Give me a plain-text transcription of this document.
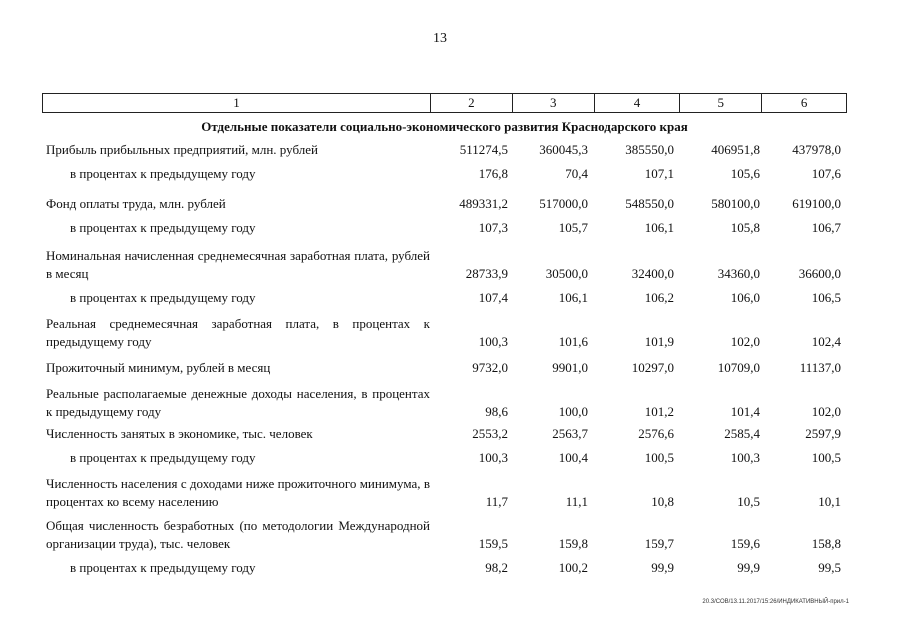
13
1	2	3	4	5	6
Отдельные показатели социально-экономического развития Краснодарского края
Прибыль прибыльных предприятий, млн. рублей	511274,5	360045,3	385550,0	406951,8	437978,0
в процентах к предыдущему году	176,8	70,4	107,1	105,6	107,6
Фонд оплаты труда, млн. рублей	489331,2	517000,0	548550,0	580100,0	619100,0
в процентах к предыдущему году	107,3	105,7	106,1	105,8	106,7
Номинальная начисленная среднемесячная заработная плата, рублей в месяц	28733,9	30500,0	32400,0	34360,0	36600,0
в процентах к предыдущему году	107,4	106,1	106,2	106,0	106,5
Реальная среднемесячная заработная плата, в процентах к предыдущему году	100,3	101,6	101,9	102,0	102,4
Прожиточный минимум, рублей в месяц	9732,0	9901,0	10297,0	10709,0	11137,0
Реальные располагаемые денежные доходы населения, в процентах к предыдущему году	98,6	100,0	101,2	101,4	102,0
Численность занятых в экономике, тыс. человек	2553,2	2563,7	2576,6	2585,4	2597,9
в процентах к предыдущему году	100,3	100,4	100,5	100,3	100,5
Численность населения с доходами ниже прожиточного минимума, в процентах ко всему населению	11,7	11,1	10,8	10,5	10,1
Общая численность безработных (по методологии Международной организации труда), тыс. человек	159,5	159,8	159,7	159,6	158,8
в процентах к предыдущему году	98,2	100,2	99,9	99,9	99,5
20.3/СОВ/13.11.2017/15:26/ИНДИКАТИВНЫЙ-прил-1
